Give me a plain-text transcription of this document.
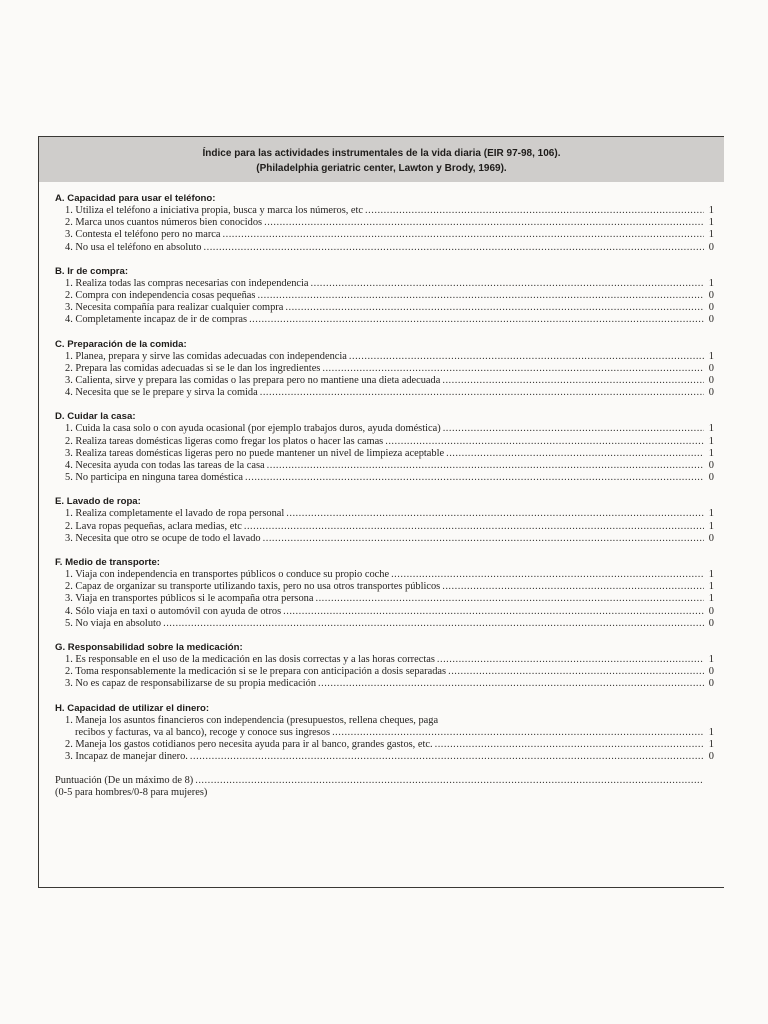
Índice para las actividades instrumentales de la vida diaria (EIR 97-98, 106).
(Philadelphia geriatric center, Lawton y Brody, 1969).
A. Capacidad para usar el teléfono:
1. Utiliza el teléfono a iniciativa propia, busca y marca los números, etc .....	1
2. Marca unos cuantos números bien conocidos .....	1
3. Contesta el teléfono pero no marca .....	1
4. No usa el teléfono en absoluto .....	0
B. Ir de compra:
1. Realiza todas las compras necesarias con independencia .....	1
2. Compra con independencia cosas pequeñas .....	0
3. Necesita compañía para realizar cualquier compra .....	0
4. Completamente incapaz de ir de compras .....	0
C. Preparación de la comida:
1. Planea, prepara y sirve las comidas adecuadas con independencia .....	1
2. Prepara las comidas adecuadas si se le dan los ingredientes .....	0
3. Calienta, sirve y prepara las comidas o las prepara pero no mantiene una dieta adecuada .....	0
4. Necesita que se le prepare y sirva la comida .....	0
D. Cuidar la casa:
1. Cuida la casa solo o con ayuda ocasional (por ejemplo trabajos duros, ayuda doméstica) .....	1
2. Realiza tareas domésticas ligeras como fregar los platos o hacer las camas .....	1
3. Realiza tareas domésticas ligeras pero no puede mantener un nivel de limpieza aceptable .....	1
4. Necesita ayuda con todas las tareas de la casa .....	0
5. No participa en ninguna tarea doméstica .....	0
E. Lavado de ropa:
1. Realiza completamente el lavado de ropa personal .....	1
2. Lava ropas pequeñas, aclara medias, etc .....	1
3. Necesita que otro se ocupe de todo el lavado .....	0
F. Medio de transporte:
1. Viaja con independencia en transportes públicos o conduce su propio coche .....	1
2. Capaz de organizar su transporte utilizando taxis, pero no usa otros transportes públicos .....	1
3. Viaja en transportes públicos si le acompaña otra persona .....	1
4. Sólo viaja en taxi o automóvil con ayuda de otros .....	0
5. No viaja en absoluto .....	0
G. Responsabilidad sobre la medicación:
1. Es responsable en el uso de la medicación en las dosis correctas y a las horas correctas .....	1
2. Toma responsablemente la medicación si se le prepara con anticipación a dosis separadas .....	0
3. No es capaz de responsabilizarse de su propia medicación .....	0
H. Capacidad de utilizar el dinero:
1. Maneja los asuntos financieros con independencia (presupuestos, rellena cheques, paga
recibos y facturas, va al banco), recoge y conoce sus ingresos .....	1
2. Maneja los gastos cotidianos pero necesita ayuda para ir al banco, grandes gastos, etc. .....	1
3. Incapaz de manejar dinero. .....	0
Puntuación (De un máximo de 8)
.....
(0-5 para hombres/0-8 para mujeres)
